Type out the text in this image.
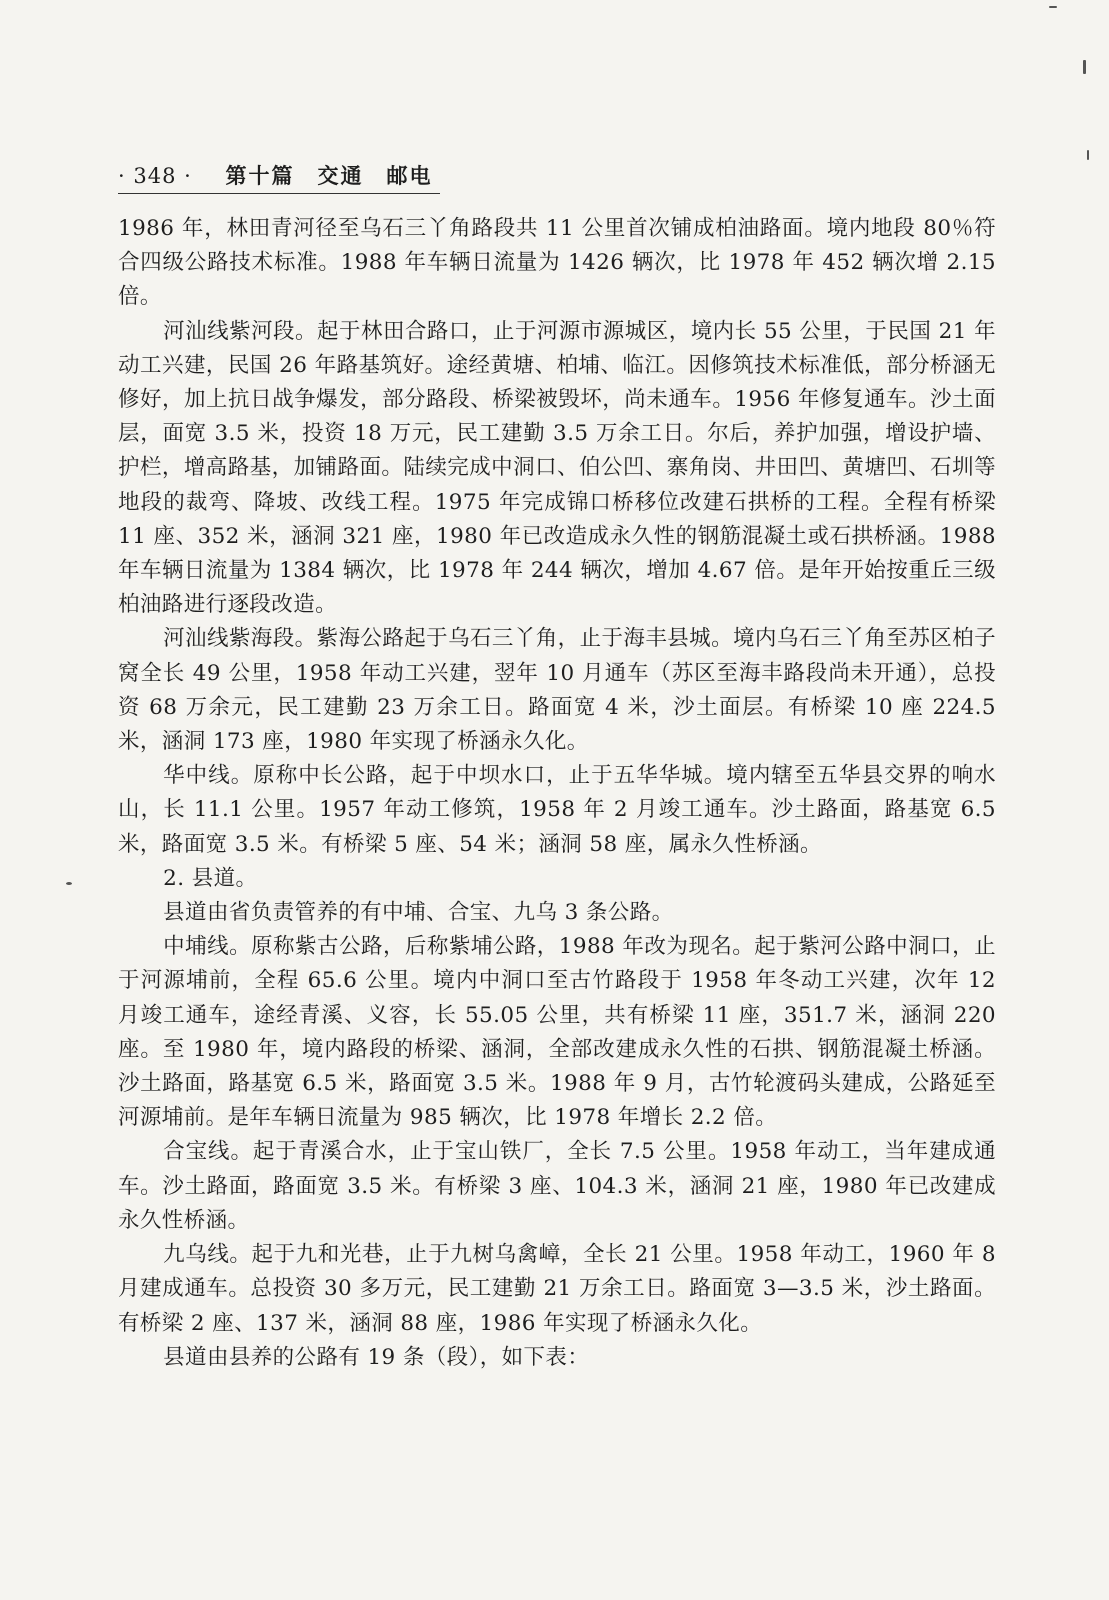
· 348 · 第十篇　交通　邮电

1986 年，林田青河径至乌石三丫角路段共 11 公里首次铺成柏油路面。境内地段 80％符合四级公路技术标准。1988 年车辆日流量为 1426 辆次，比 1978 年 452 辆次增 2.15 倍。

河汕线紫河段。起于林田合路口，止于河源市源城区，境内长 55 公里，于民国 21 年动工兴建，民国 26 年路基筑好。途经黄塘、柏埔、临江。因修筑技术标准低，部分桥涵无修好，加上抗日战争爆发，部分路段、桥梁被毁坏，尚未通车。1956 年修复通车。沙土面层，面宽 3.5 米，投资 18 万元，民工建勤 3.5 万余工日。尔后，养护加强，增设护墙、护栏，增高路基，加铺路面。陆续完成中洞口、伯公凹、寨角岗、井田凹、黄塘凹、石圳等地段的裁弯、降坡、改线工程。1975 年完成锦口桥移位改建石拱桥的工程。全程有桥梁 11 座、352 米，涵洞 321 座，1980 年已改造成永久性的钢筋混凝土或石拱桥涵。1988 年车辆日流量为 1384 辆次，比 1978 年 244 辆次，增加 4.67 倍。是年开始按重丘三级柏油路进行逐段改造。

河汕线紫海段。紫海公路起于乌石三丫角，止于海丰县城。境内乌石三丫角至苏区柏子窝全长 49 公里，1958 年动工兴建，翌年 10 月通车（苏区至海丰路段尚未开通），总投资 68 万余元，民工建勤 23 万余工日。路面宽 4 米，沙土面层。有桥梁 10 座 224.5 米，涵洞 173 座，1980 年实现了桥涵永久化。

华中线。原称中长公路，起于中坝水口，止于五华华城。境内辖至五华县交界的响水山，长 11.1 公里。1957 年动工修筑，1958 年 2 月竣工通车。沙土路面，路基宽 6.5 米，路面宽 3.5 米。有桥梁 5 座、54 米；涵洞 58 座，属永久性桥涵。

2. 县道。

县道由省负责管养的有中埔、合宝、九乌 3 条公路。

中埔线。原称紫古公路，后称紫埔公路，1988 年改为现名。起于紫河公路中洞口，止于河源埔前，全程 65.6 公里。境内中洞口至古竹路段于 1958 年冬动工兴建，次年 12 月竣工通车，途经青溪、义容，长 55.05 公里，共有桥梁 11 座，351.7 米，涵洞 220 座。至 1980 年，境内路段的桥梁、涵洞，全部改建成永久性的石拱、钢筋混凝土桥涵。沙土路面，路基宽 6.5 米，路面宽 3.5 米。1988 年 9 月，古竹轮渡码头建成，公路延至河源埔前。是年车辆日流量为 985 辆次，比 1978 年增长 2.2 倍。

合宝线。起于青溪合水，止于宝山铁厂，全长 7.5 公里。1958 年动工，当年建成通车。沙土路面，路面宽 3.5 米。有桥梁 3 座、104.3 米，涵洞 21 座，1980 年已改建成永久性桥涵。

九乌线。起于九和光巷，止于九树乌禽嶂，全长 21 公里。1958 年动工，1960 年 8 月建成通车。总投资 30 多万元，民工建勤 21 万余工日。路面宽 3—3.5 米，沙土路面。有桥梁 2 座、137 米，涵洞 88 座，1986 年实现了桥涵永久化。

县道由县养的公路有 19 条（段），如下表：
